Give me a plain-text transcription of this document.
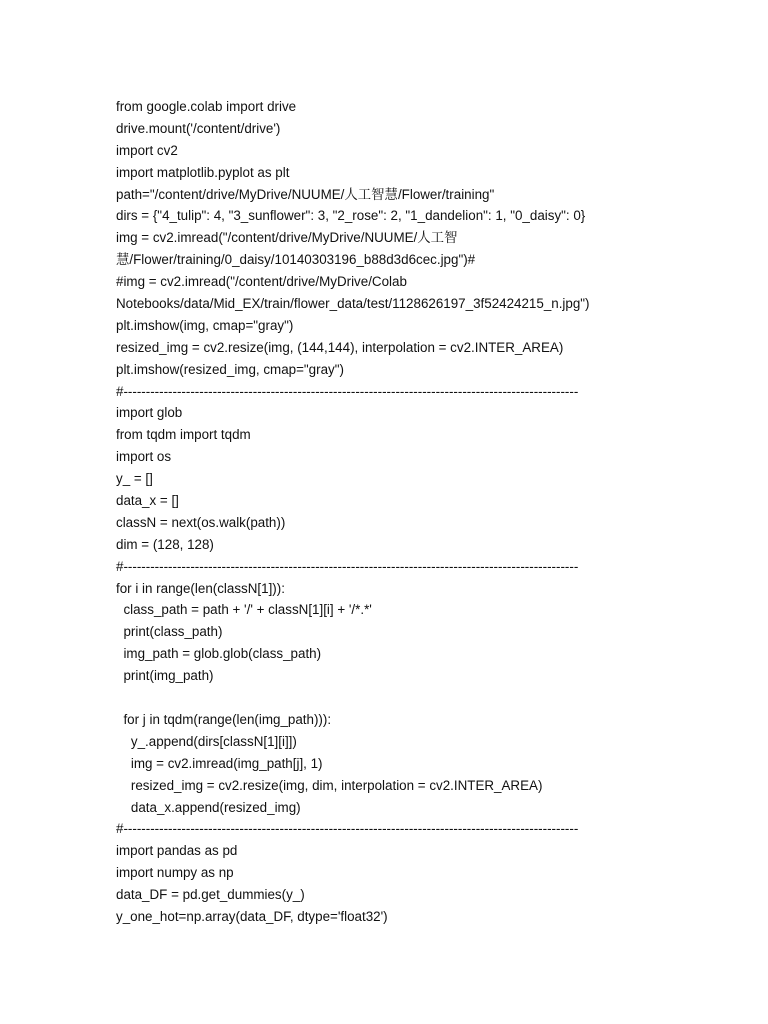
from google.colab import drive
drive.mount('/content/drive')
import cv2
import matplotlib.pyplot as plt
path="/content/drive/MyDrive/NUUME/人工智慧/Flower/training"
dirs = {"4_tulip": 4, "3_sunflower": 3, "2_rose": 2, "1_dandelion": 1, "0_daisy": 0}
img = cv2.imread("/content/drive/MyDrive/NUUME/人工智
慧/Flower/training/0_daisy/10140303196_b88d3d6cec.jpg")#
#img = cv2.imread("/content/drive/MyDrive/Colab
Notebooks/data/Mid_EX/train/flower_data/test/1128626197_3f52424215_n.jpg")
plt.imshow(img, cmap="gray")
resized_img = cv2.resize(img, (144,144), interpolation = cv2.INTER_AREA)
plt.imshow(resized_img, cmap="gray")
#------------------------------------------------------------------------------------------------------
import glob
from tqdm import tqdm
import os
y_ = []
data_x = []
classN = next(os.walk(path))
dim = (128, 128)
#------------------------------------------------------------------------------------------------------
for i in range(len(classN[1])):
class_path = path + '/' + classN[1][i] + '/*.*'
print(class_path)
img_path = glob.glob(class_path)
print(img_path)
for j in tqdm(range(len(img_path))):
y_.append(dirs[classN[1][i]])
img = cv2.imread(img_path[j], 1)
resized_img = cv2.resize(img, dim, interpolation = cv2.INTER_AREA)
data_x.append(resized_img)
#------------------------------------------------------------------------------------------------------
import pandas as pd
import numpy as np
data_DF = pd.get_dummies(y_)
y_one_hot=np.array(data_DF, dtype='float32')
